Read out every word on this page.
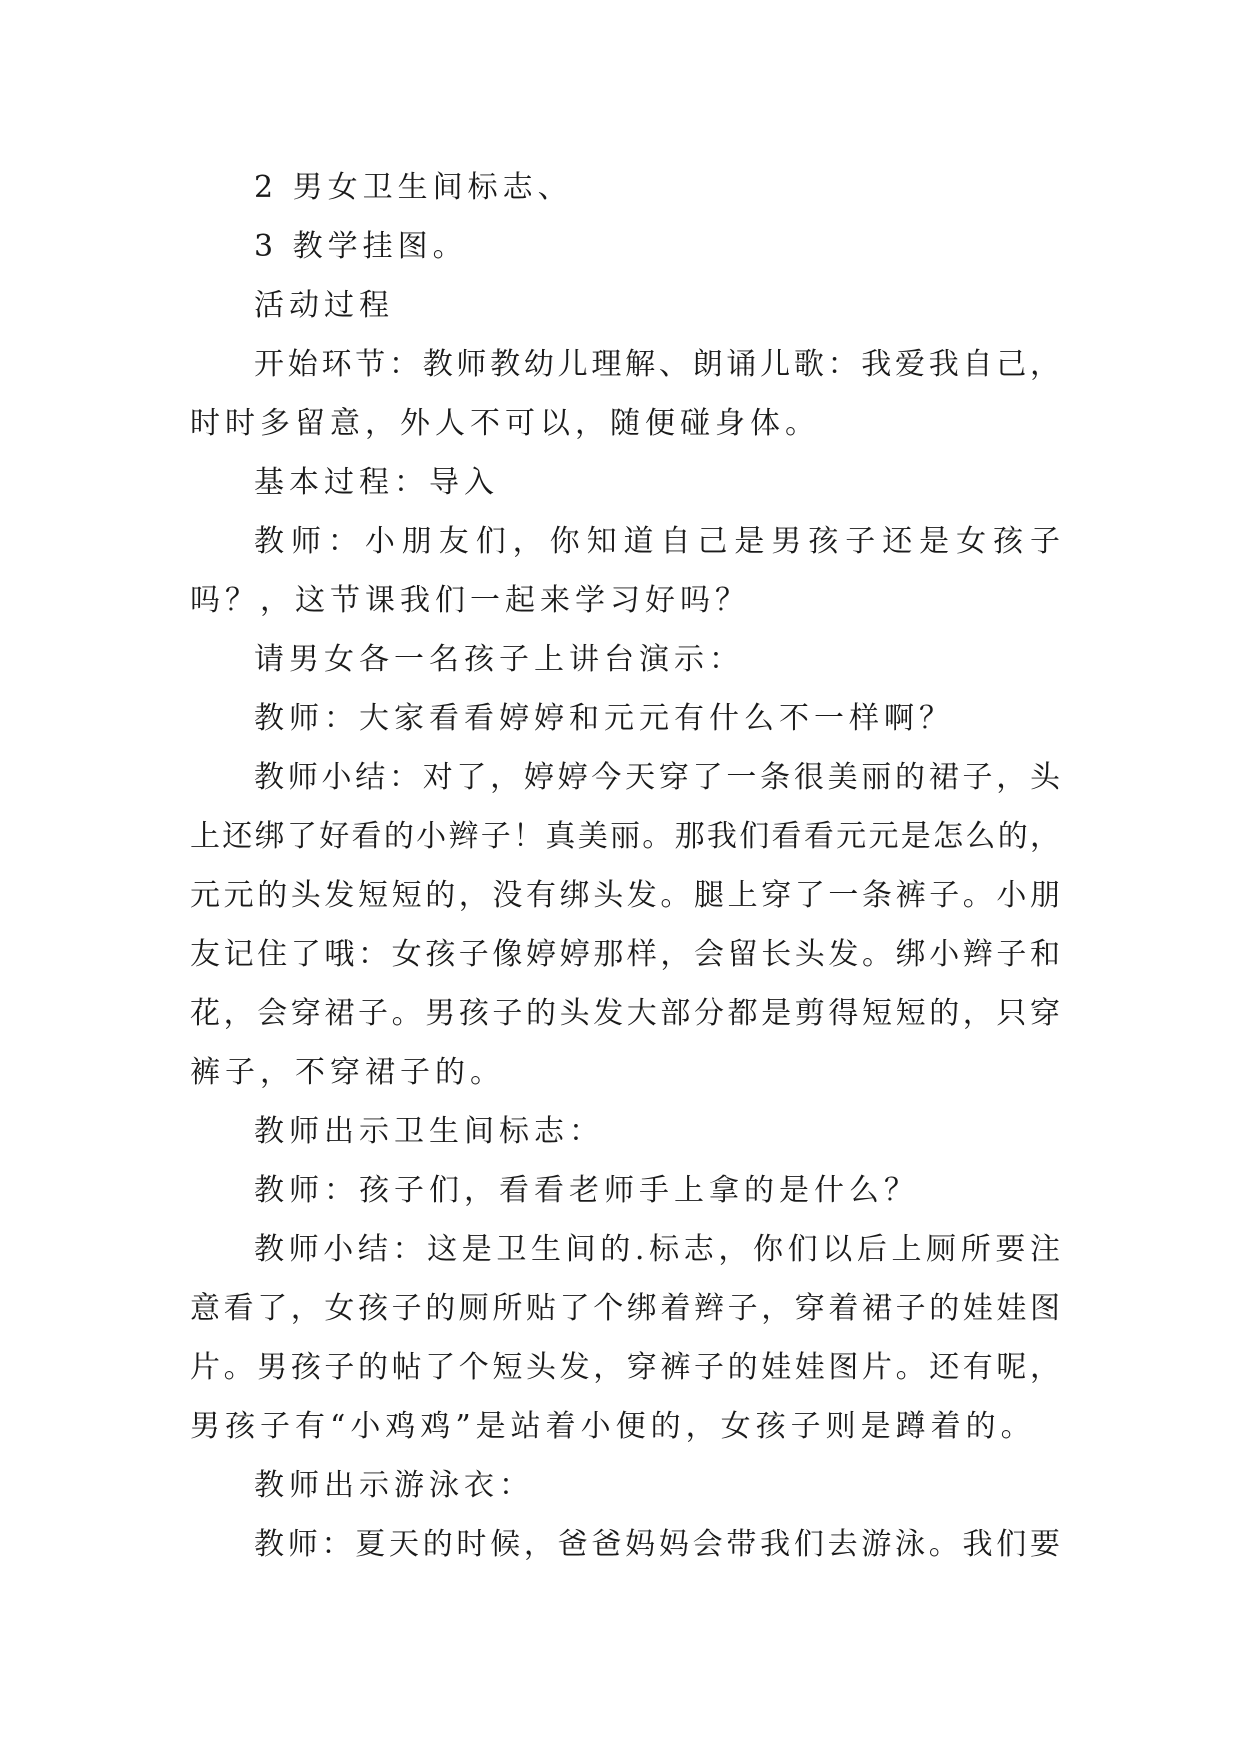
2 男女卫生间标志、
3 教学挂图。
活动过程
开始环节：教师教幼儿理解、朗诵儿歌：我爱我自己，
时时多留意，外人不可以，随便碰身体。
基本过程：导入
教师：小朋友们，你知道自己是男孩子还是女孩子
吗？，这节课我们一起来学习好吗？
请男女各一名孩子上讲台演示：
教师：大家看看婷婷和元元有什么不一样啊？
教师小结：对了，婷婷今天穿了一条很美丽的裙子，头
上还绑了好看的小辫子！真美丽。那我们看看元元是怎么的，
元元的头发短短的，没有绑头发。腿上穿了一条裤子。小朋
友记住了哦：女孩子像婷婷那样，会留长头发。绑小辫子和
花，会穿裙子。男孩子的头发大部分都是剪得短短的，只穿
裤子，不穿裙子的。
教师出示卫生间标志：
教师：孩子们，看看老师手上拿的是什么？
教师小结：这是卫生间的.标志，你们以后上厕所要注
意看了，女孩子的厕所贴了个绑着辫子，穿着裙子的娃娃图
片。男孩子的帖了个短头发，穿裤子的娃娃图片。还有呢，
男孩子有“小鸡鸡”是站着小便的，女孩子则是蹲着的。
教师出示游泳衣：
教师：夏天的时候，爸爸妈妈会带我们去游泳。我们要
